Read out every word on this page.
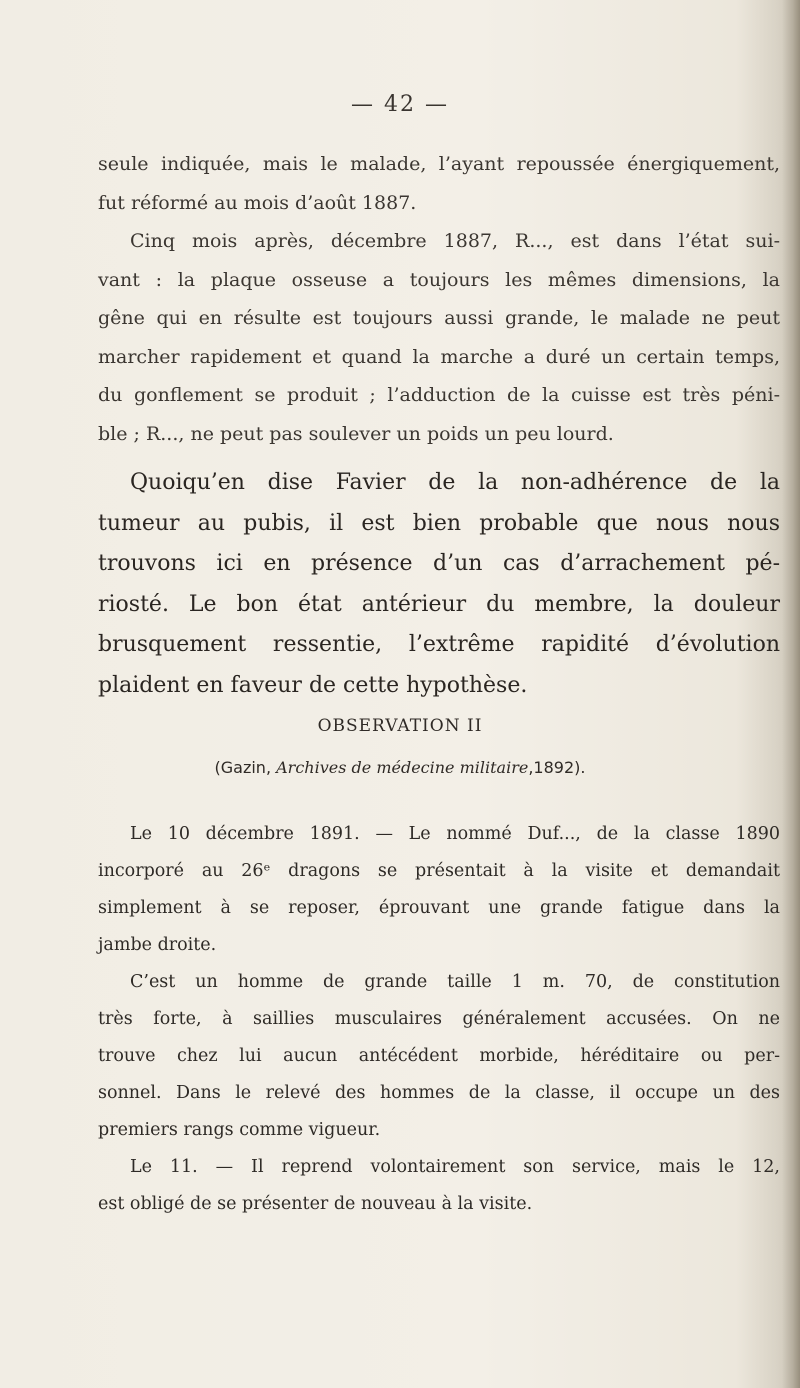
— 42 —
seule indiquée, mais le malade, l’ayant repoussée énergiquement,
fut réformé au mois d’août 1887.
Cinq mois après, décembre 1887, R..., est dans l’état sui-
vant : la plaque osseuse a toujours les mêmes dimensions, la
gêne qui en résulte est toujours aussi grande, le malade ne peut
marcher rapidement et quand la marche a duré un certain temps,
du gonflement se produit ; l’adduction de la cuisse est très péni-
ble ; R..., ne peut pas soulever un poids un peu lourd.
Quoiqu’en dise Favier de la non-adhérence de la
tumeur au pubis, il est bien probable que nous nous
trouvons ici en présence d’un cas d’arrachement pé-
riosté. Le bon état antérieur du membre, la douleur
brusquement ressentie, l’extrême rapidité d’évolution
plaident en faveur de cette hypothèse.
OBSERVATION II
(Gazin, Archives de médecine militaire,1892).
Le 10 décembre 1891. — Le nommé Duf..., de la classe 1890
incorporé au 26ᵉ dragons se présentait à la visite et demandait
simplement à se reposer, éprouvant une grande fatigue dans la
jambe droite.
C’est un homme de grande taille 1 m. 70, de constitution
très forte, à saillies musculaires généralement accusées. On ne
trouve chez lui aucun antécédent morbide, héréditaire ou per-
sonnel. Dans le relevé des hommes de la classe, il occupe un des
premiers rangs comme vigueur.
Le 11. — Il reprend volontairement son service, mais le 12,
est obligé de se présenter de nouveau à la visite.
